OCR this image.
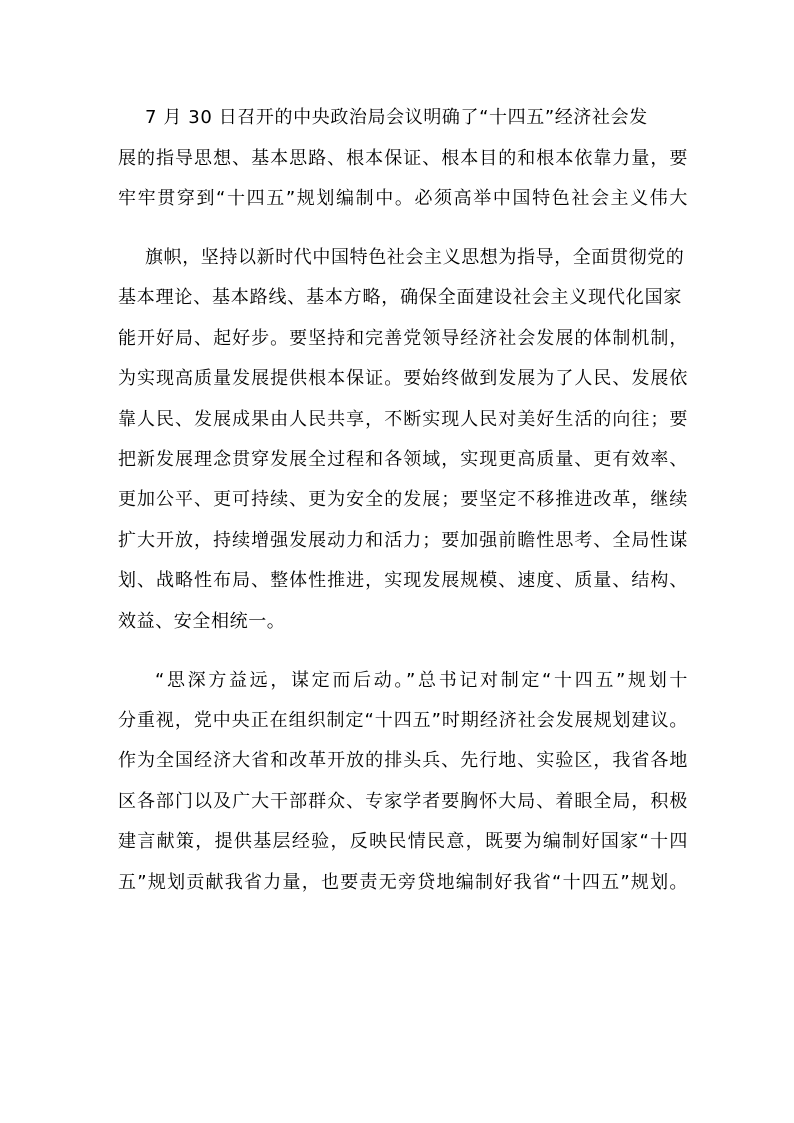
7 月 30 日召开的中央政治局会议明确了“十四五”经济社会发
展的指导思想、基本思路、根本保证、根本目的和根本依靠力量，要
牢牢贯穿到“十四五”规划编制中。必须高举中国特色社会主义伟大
旗帜，坚持以新时代中国特色社会主义思想为指导，全面贯彻党的
基本理论、基本路线、基本方略，确保全面建设社会主义现代化国家
能开好局、起好步。要坚持和完善党领导经济社会发展的体制机制，
为实现高质量发展提供根本保证。要始终做到发展为了人民、发展依
靠人民、发展成果由人民共享，不断实现人民对美好生活的向往；要
把新发展理念贯穿发展全过程和各领域，实现更高质量、更有效率、
更加公平、更可持续、更为安全的发展；要坚定不移推进改革，继续
扩大开放，持续增强发展动力和活力；要加强前瞻性思考、全局性谋
划、战略性布局、整体性推进，实现发展规模、速度、质量、结构、
效益、安全相统一。
“思深方益远，谋定而后动。”总书记对制定“十四五”规划十
分重视，党中央正在组织制定“十四五”时期经济社会发展规划建议。
作为全国经济大省和改革开放的排头兵、先行地、实验区，我省各地
区各部门以及广大干部群众、专家学者要胸怀大局、着眼全局，积极
建言献策，提供基层经验，反映民情民意，既要为编制好国家“十四
五”规划贡献我省力量，也要责无旁贷地编制好我省“十四五”规划。
